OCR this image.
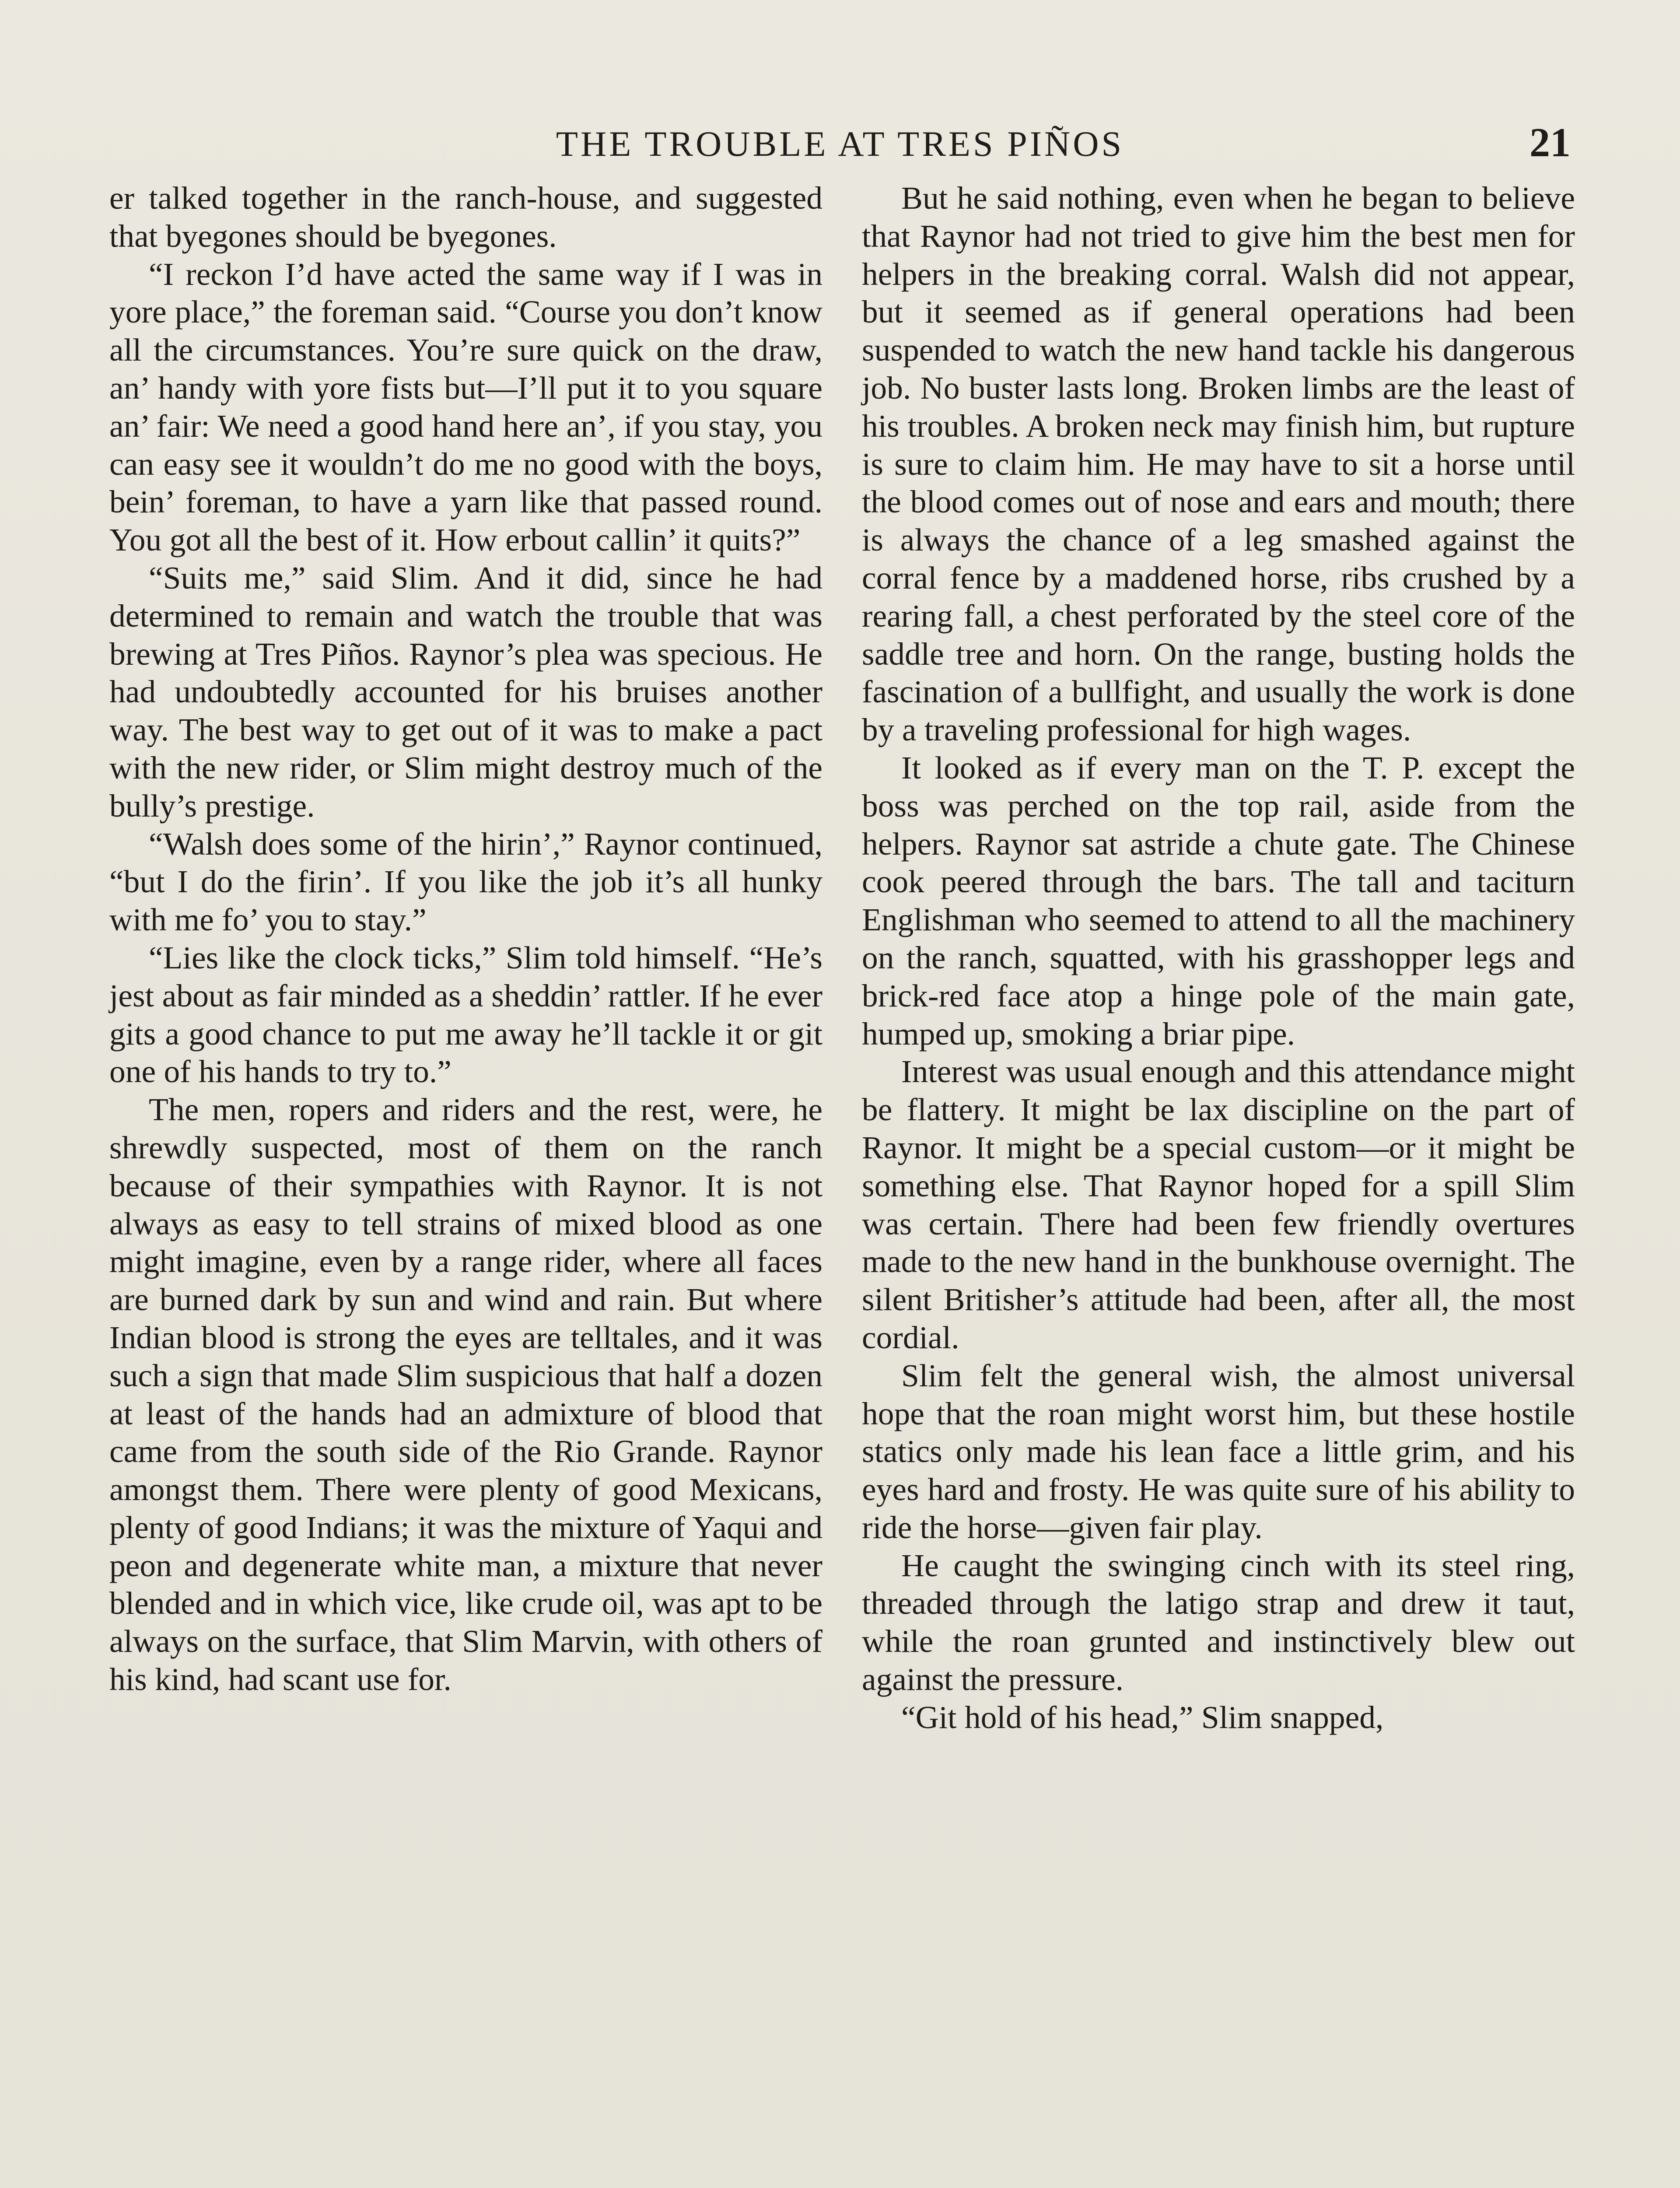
THE TROUBLE AT TRES PIÑOS	21

er talked together in the ranch-house, and suggested that byegones should be byegones.

“I reckon I’d have acted the same way if I was in yore place,” the foreman said. “Course you don’t know all the circumstances. You’re sure quick on the draw, an’ handy with yore fists but—I’ll put it to you square an’ fair: We need a good hand here an’, if you stay, you can easy see it wouldn’t do me no good with the boys, bein’ foreman, to have a yarn like that passed round. You got all the best of it. How erbout callin’ it quits?”

“Suits me,” said Slim. And it did, since he had determined to remain and watch the trouble that was brewing at Tres Piños. Raynor’s plea was specious. He had undoubtedly accounted for his bruises another way. The best way to get out of it was to make a pact with the new rider, or Slim might destroy much of the bully’s prestige.

“Walsh does some of the hirin’,” Raynor continued, “but I do the firin’. If you like the job it’s all hunky with me fo’ you to stay.”

“Lies like the clock ticks,” Slim told himself. “He’s jest about as fair minded as a sheddin’ rattler. If he ever gits a good chance to put me away he’ll tackle it or git one of his hands to try to.”

The men, ropers and riders and the rest, were, he shrewdly suspected, most of them on the ranch because of their sympathies with Raynor. It is not always as easy to tell strains of mixed blood as one might imagine, even by a range rider, where all faces are burned dark by sun and wind and rain. But where Indian blood is strong the eyes are telltales, and it was such a sign that made Slim suspicious that half a dozen at least of the hands had an admixture of blood that came from the south side of the Rio Grande. Raynor amongst them. There were plenty of good Mexicans, plenty of good Indians; it was the mixture of Yaqui and peon and degenerate white man, a mixture that never blended and in which vice, like crude oil, was apt to be always on the surface, that Slim Marvin, with others of his kind, had scant use for.

But he said nothing, even when he began to believe that Raynor had not tried to give him the best men for helpers in the breaking corral. Walsh did not appear, but it seemed as if general operations had been suspended to watch the new hand tackle his dangerous job. No buster lasts long. Broken limbs are the least of his troubles. A broken neck may finish him, but rupture is sure to claim him. He may have to sit a horse until the blood comes out of nose and ears and mouth; there is always the chance of a leg smashed against the corral fence by a maddened horse, ribs crushed by a rearing fall, a chest perforated by the steel core of the saddle tree and horn. On the range, busting holds the fascination of a bullfight, and usually the work is done by a traveling professional for high wages.

It looked as if every man on the T. P. except the boss was perched on the top rail, aside from the helpers. Raynor sat astride a chute gate. The Chinese cook peered through the bars. The tall and taciturn Englishman who seemed to attend to all the machinery on the ranch, squatted, with his grasshopper legs and brick-red face atop a hinge pole of the main gate, humped up, smoking a briar pipe.

Interest was usual enough and this attendance might be flattery. It might be lax discipline on the part of Raynor. It might be a special custom—or it might be something else. That Raynor hoped for a spill Slim was certain. There had been few friendly overtures made to the new hand in the bunkhouse overnight. The silent Britisher’s attitude had been, after all, the most cordial.

Slim felt the general wish, the almost universal hope that the roan might worst him, but these hostile statics only made his lean face a little grim, and his eyes hard and frosty. He was quite sure of his ability to ride the horse—given fair play.

He caught the swinging cinch with its steel ring, threaded through the latigo strap and drew it taut, while the roan grunted and instinctively blew out against the pressure.

“Git hold of his head,” Slim snapped,
